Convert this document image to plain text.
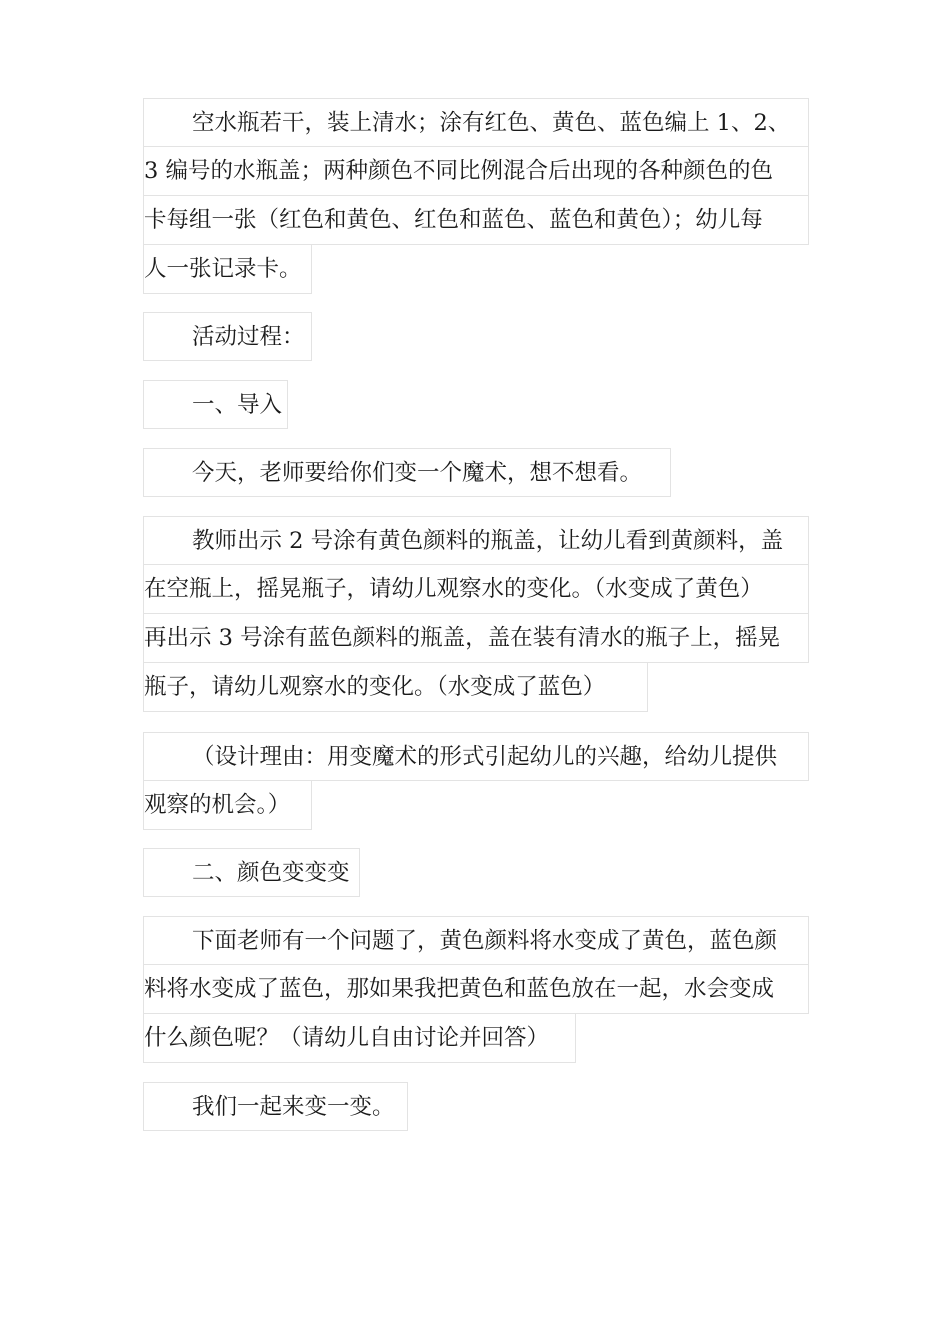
空水瓶若干，装上清水；涂有红色、黄色、蓝色编上 1、2、
3 编号的水瓶盖；两种颜色不同比例混合后出现的各种颜色的色
卡每组一张（红色和黄色、红色和蓝色、蓝色和黄色）；幼儿每
人一张记录卡。
活动过程：
一、导入
今天，老师要给你们变一个魔术，想不想看。
教师出示 2 号涂有黄色颜料的瓶盖，让幼儿看到黄颜料，盖
在空瓶上，摇晃瓶子，请幼儿观察水的变化。（水变成了黄色）
再出示 3 号涂有蓝色颜料的瓶盖，盖在装有清水的瓶子上，摇晃
瓶子，请幼儿观察水的变化。（水变成了蓝色）
（设计理由：用变魔术的形式引起幼儿的兴趣，给幼儿提供
观察的机会。）
二、颜色变变变
下面老师有一个问题了，黄色颜料将水变成了黄色，蓝色颜
料将水变成了蓝色，那如果我把黄色和蓝色放在一起，水会变成
什么颜色呢？（请幼儿自由讨论并回答）
我们一起来变一变。
